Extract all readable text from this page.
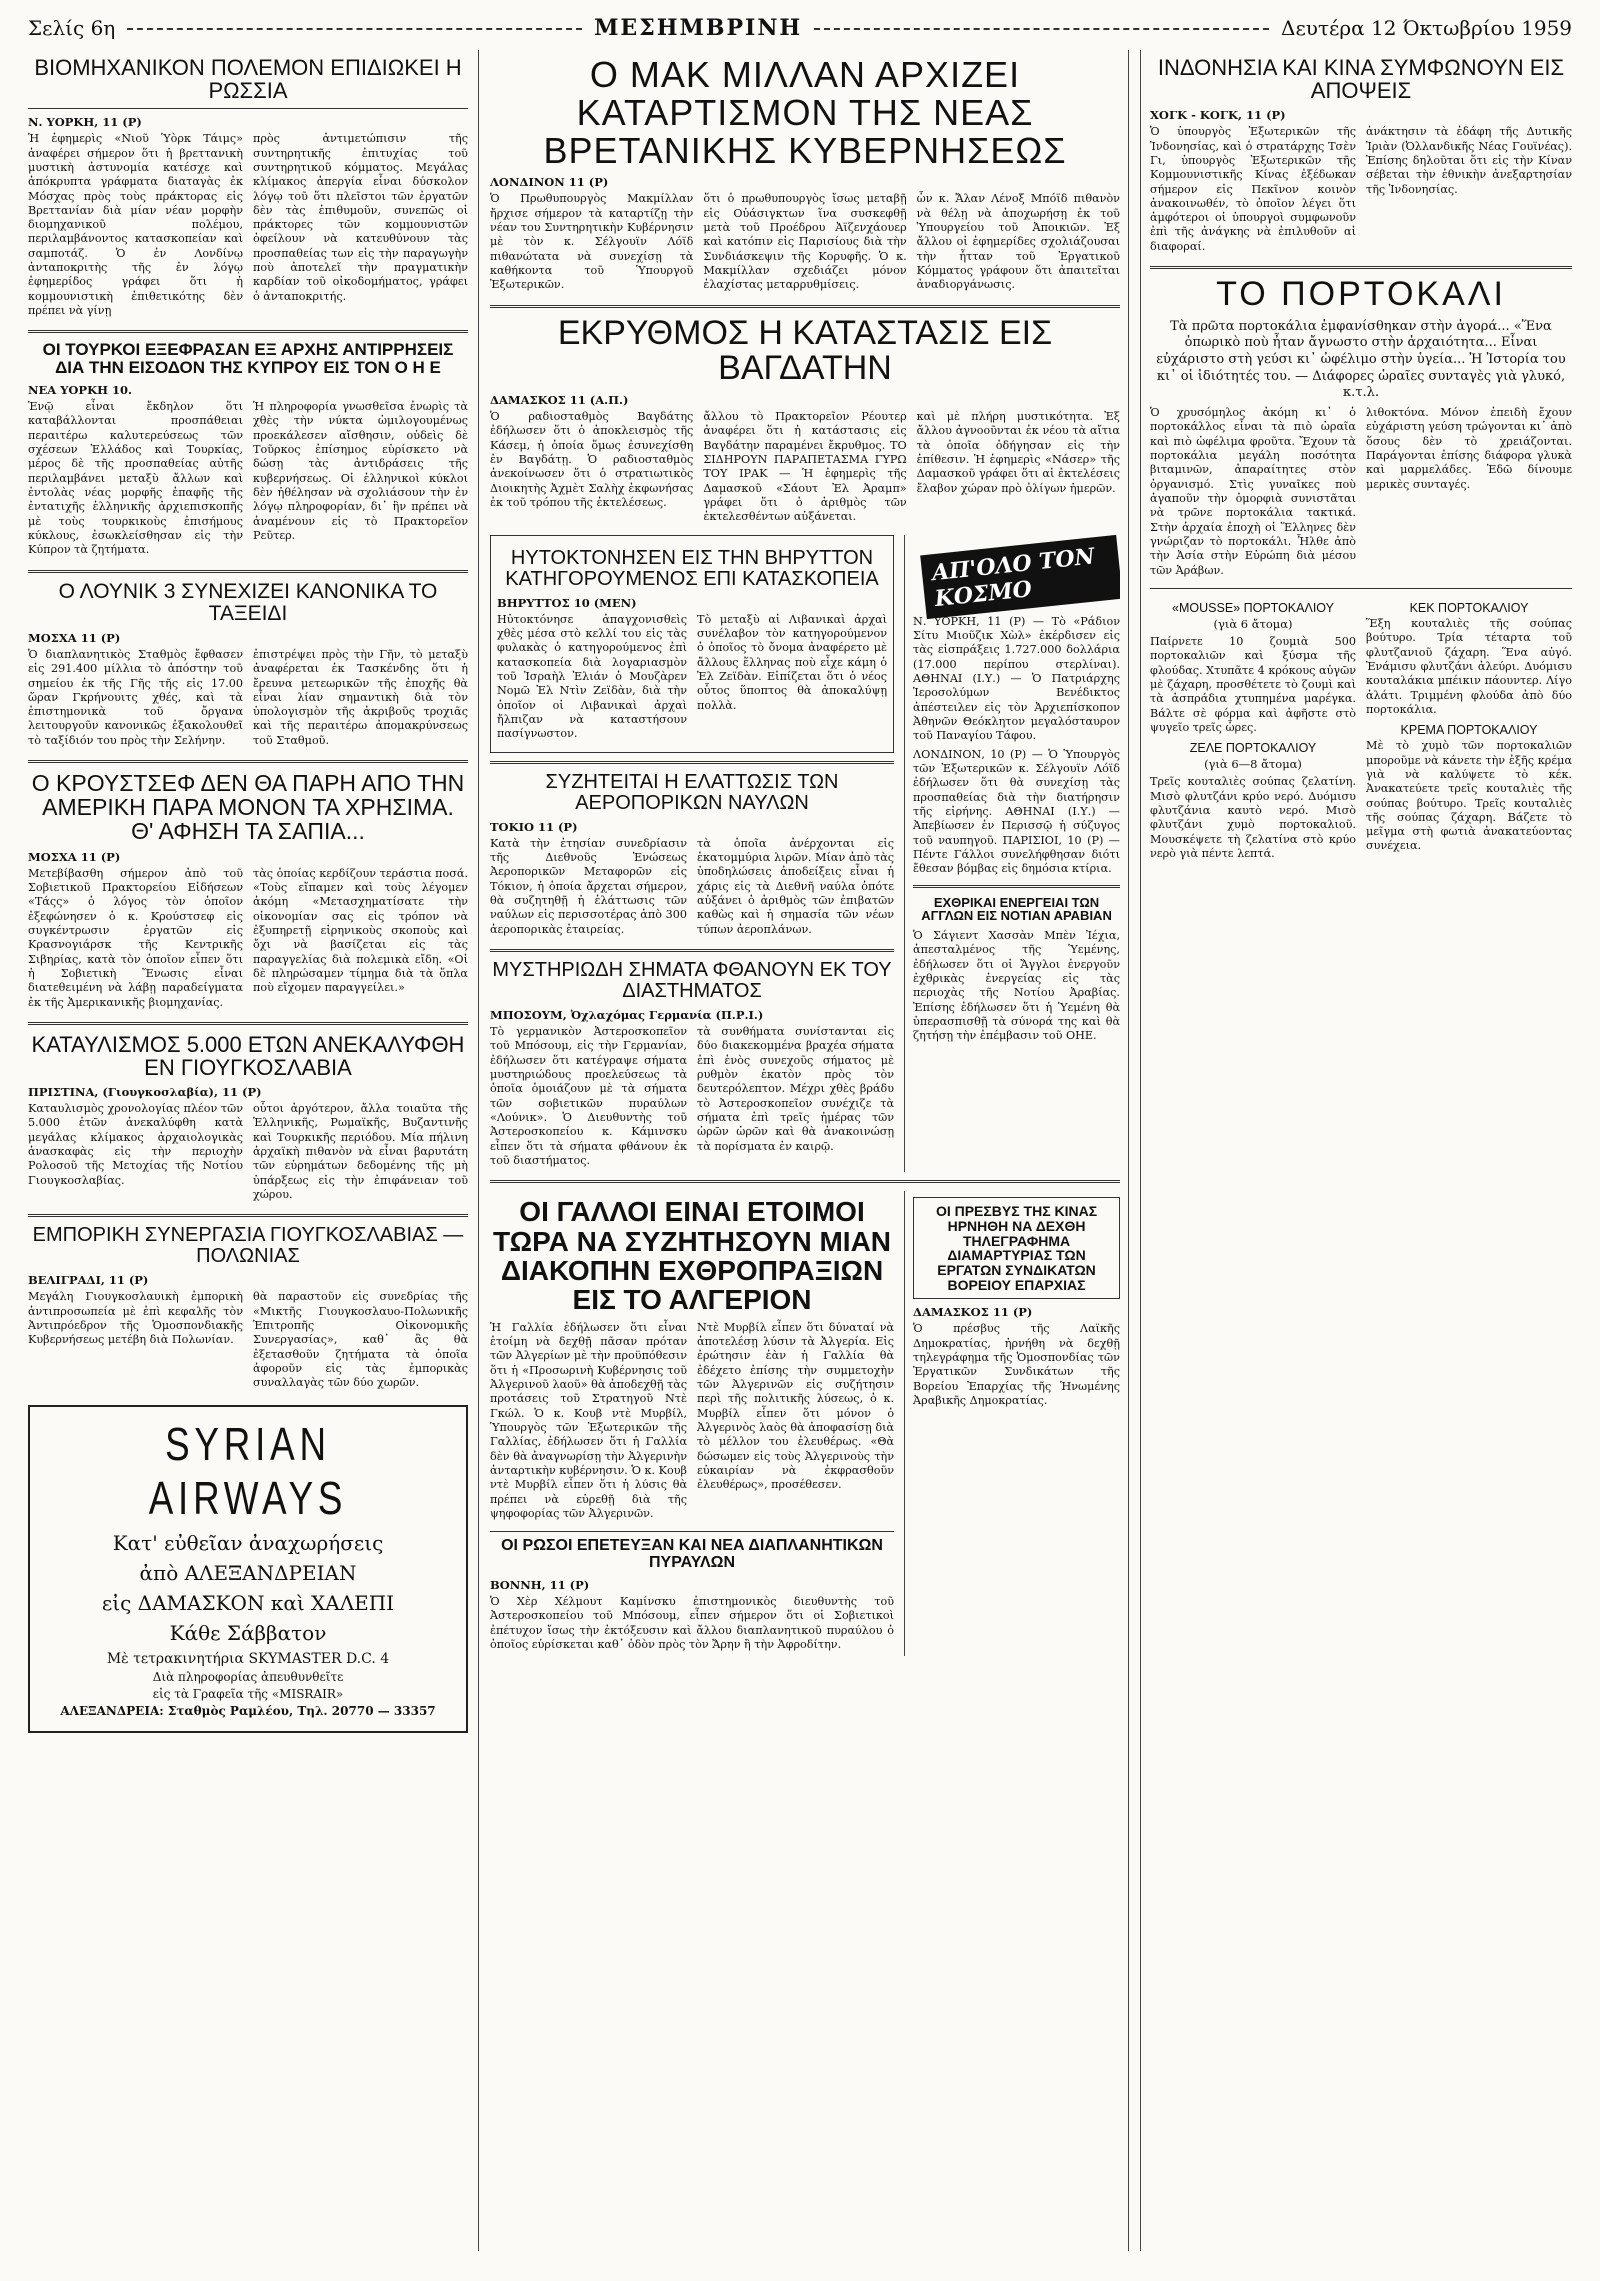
Σελίς 6η	ΜΕΣΗΜΒΡΙΝΗ	Δευτέρα 12 Όκτωβρίου 1959
ΒΙΟΜΗΧΑΝΙΚΟΝ ΠΟΛΕΜΟΝ ΕΠΙΔΙΩΚΕΙ Η ΡΩΣΣΙΑ
Ν. ΥΟΡΚΗ, 11 (Ρ)

Ἡ ἐφημερὶς «Νιοῦ Ὑὸρκ Τάιμς» ἀναφέρει σήμερον ὅτι ἡ βρεττανικὴ μυστικὴ ἀστυνομία κατέσχε καὶ ἀπόκρυπτα γράφματα διαταγὰς ἐκ Μόσχας πρὸς τοὺς πράκτορας εἰς Βρεττανίαν διὰ μίαν νέαν μορφὴν διομηχανικοῦ πολέμου, περιλαμβάνοντος κατασκοπείαν καὶ σαμποτάζ. Ὁ ἐν Λονδίνῳ ἀνταποκριτὴς τῆς ἐν λόγῳ ἐφημερίδος γράφει ὅτι ἡ κομμουνιστικὴ ἐπιθετικότης δὲν πρέπει νὰ γίνῃ

πρὸς ἀντιμετώπισιν τῆς συντηρητικῆς ἐπιτυχίας τοῦ συντηρητικοῦ κόμματος. Μεγάλας κλίμακος ἀπεργία εἶναι δύσκολον λόγῳ τοῦ ὅτι πλεῖστοι τῶν ἐργατῶν δὲν τὰς ἐπιθυμοῦν, συνεπῶς οἱ πράκτορες τῶν κομμουνιστῶν ὀφείλουν νὰ κατευθύνουν τὰς προσπαθείας των εἰς τὴν παραγωγὴν ποὺ ἀποτελεῖ τὴν πραγματικὴν καρδίαν τοῦ οἰκοδομήματος, γράφει ὁ ἀνταποκριτής.

ΟΙ ΤΟΥΡΚΟΙ ΕΞΕΦΡΑΣΑΝ ΕΞ ΑΡΧΗΣ ΑΝΤΙΡΡΗΣΕΙΣ ΔΙΑ ΤΗΝ ΕΙΣΟΔΟΝ ΤΗΣ ΚΥΠΡΟΥ ΕΙΣ ΤΟΝ Ο Η Ε
ΝΕΑ ΥΟΡΚΗ 10.

Ἐνῷ εἶναι ἔκδηλον ὅτι καταβάλλονται προσπάθειαι περαιτέρω καλυτερεύσεως τῶν σχέσεων Ἑλλάδος καὶ Τουρκίας, μέρος δὲ τῆς προσπαθείας αὐτῆς περιλαμβάνει μεταξὺ ἄλλων καὶ ἐντολὰς νέας μορφῆς ἐπαφῆς τῆς ἐντατιχῆς ἑλληνικῆς ἀρχιεπισκοπῆς μὲ τοὺς τουρκικοὺς ἐπισήμους κύκλους, ἐσωκλείσθησαν εἰς τὴν Κύπρον τὰ ζητήματα.

Ἡ πληροφορία γνωσθεῖσα ἐνωρὶς τὰ χθὲς τὴν νύκτα ὡμιλογουμένως προεκάλεσεν αἴσθησιν, οὐδεὶς δὲ Τοῦρκος ἐπίσημος εὑρίσκετο νὰ δώσῃ τὰς ἀντιδράσεις τῆς κυβερνήσεως. Οἱ ἑλληνικοὶ κύκλοι δὲν ἠθέλησαν νὰ σχολιάσουν τὴν ἐν λόγῳ πληροφορίαν, δι᾽ ἣν πρέπει νὰ ἀναμένουν εἰς τὸ Πρακτορεῖον Ρεῦτερ.

Ο ΛΟΥΝΙΚ 3 ΣΥΝΕΧΙΖΕΙ ΚΑΝΟΝΙΚΑ ΤΟ ΤΑΞΕΙΔΙ
ΜΟΣΧΑ 11 (Ρ)

Ὁ διαπλανητικὸς Σταθμὸς ἔφθασεν εἰς 291.400 μίλλια τὸ ἀπόστην τοῦ σημείου ἐκ τῆς Γῆς τῆς εἰς 17.00 ὥραν Γκρήνουιτς χθές, καὶ τὰ ἐπιστημονικὰ τοῦ ὄργανα λειτουργοῦν κανονικῶς ἐξακολουθεῖ τὸ ταξίδιόν του πρὸς τὴν Σελήνην.

ἐπιστρέψει πρὸς τὴν Γῆν, τὸ μεταξὺ ἀναφέρεται ἐκ Τασκένδης ὅτι ἡ ἔρευνα μετεωρικῶν τῆς ἐποχῆς θὰ εἶναι λίαν σημαντικὴ διὰ τὸν ὑπολογισμὸν τῆς ἀκριβοῦς τροχιᾶς καὶ τῆς περαιτέρω ἀπομακρύνσεως τοῦ Σταθμοῦ.

Ο ΚΡΟΥΣΤΣΕΦ ΔΕΝ ΘΑ ΠΑΡΗ ΑΠΟ ΤΗΝ ΑΜΕΡΙΚΗ ΠΑΡΑ ΜΟΝΟΝ ΤΑ ΧΡΗΣΙΜΑ. Θ' ΑΦΗΣΗ ΤΑ ΣΑΠΙΑ...
ΜΟΣΧΑ 11 (Ρ)

Μετεβίβασθη σήμερον ἀπὸ τοῦ Σοβιετικοῦ Πρακτορείου Εἰδήσεων «Τάςς» ὁ λόγος τὸν ὁποῖον ἐξεφώνησεν ὁ κ. Κρούστσεφ εἰς συγκέντρωσιν ἐργατῶν εἰς Κρασνογιάρσκ τῆς Κεντρικῆς Σιβηρίας, κατὰ τὸν ὁποῖον εἶπεν ὅτι ἡ Σοβιετικὴ Ἕνωσις εἶναι διατεθειμένη νὰ λάβῃ παραδείγματα ἐκ τῆς Ἀμερικανικῆς βιομηχανίας.

τὰς ὁποίας κερδίζουν τεράστια ποσά. «Τοὺς εἴπαμεν καὶ τοὺς λέγομεν ἀκόμη «Μετασχηματίσατε τὴν οἰκονομίαν σας εἰς τρόπον νὰ ἐξυπηρετῇ εἰρηνικοὺς σκοποὺς καὶ ὄχι νὰ βασίζεται εἰς τὰς παραγγελίας διὰ πολεμικὰ εἴδη. «Οἱ δὲ πληρώσαμεν τίμημα διὰ τὰ ὅπλα ποὺ εἴχομεν παραγγείλει.»

ΚΑΤΑΥΛΙΣΜΟΣ 5.000 ΕΤΩΝ ΑΝΕΚΑΛΥΦΘΗ ΕΝ ΓΙΟΥΓΚΟΣΛΑΒΙΑ
ΠΡΙΣΤΙΝΑ, (Γιουγκοσλαβία), 11 (Ρ)

Καταυλισμὸς χρονολογίας πλέον τῶν 5.000 ἐτῶν ἀνεκαλύφθη κατὰ μεγάλας κλίμακος ἀρχαιολογικὰς ἀνασκαφὰς εἰς τὴν περιοχὴν Ρολοσοῦ τῆς Μετοχίας τῆς Νοτίου Γιουγκοσλαβίας.

οὗτοι ἀργότερον, ἄλλα τοιαῦτα τῆς Ἑλληνικῆς, Ρωμαϊκῆς, Βυζαντινῆς καὶ Τουρκικῆς περιόδου. Μία πήλινη ἀρχαϊκὴ πιθανὸν νὰ εἶναι βαρυτάτη τῶν εὑρημάτων δεδομένης τῆς μὴ ὑπάρξεως εἰς τὴν ἐπιφάνειαν τοῦ χώρου.

ΕΜΠΟΡΙΚΗ ΣΥΝΕΡΓΑΣΙΑ ΓΙΟΥΓΚΟΣΛΑΒΙΑΣ — ΠΟΛΩΝΙΑΣ
ΒΕΛΙΓΡΑΔΙ, 11 (Ρ)

Μεγάλη Γιουγκοσλαυικὴ ἐμπορικὴ ἀντιπροσωπεία μὲ ἐπὶ κεφαλῆς τὸν Ἀντιπρόεδρον τῆς Ὁμοσπονδιακῆς Κυβερνήσεως μετέβη διὰ Πολωνίαν.

θὰ παραστοῦν εἰς συνεδρίας τῆς «Μικτῆς Γιουγκοσλαυο-Πολωνικῆς Ἐπιτροπῆς Οἰκονομικῆς Συνεργασίας», καθ᾽ ἃς θὰ ἐξετασθοῦν ζητήματα τὰ ὁποῖα ἀφοροῦν εἰς τὰς ἐμπορικὰς συναλλαγὰς τῶν δύο χωρῶν.

SYRIAN AIRWAYS
Κατ' εὐθεῖαν ἀναχωρήσεις
ἀπὸ ΑΛΕΞΑΝΔΡΕΙΑΝ
εἰς ΔΑΜΑΣΚΟΝ καὶ ΧΑΛΕΠΙ
Κάθε Σάββατον
Μὲ τετρακινητήρια SKYMASTER D.C. 4
Διὰ πληροφορίας ἀπευθυνθεῖτε
εἰς τὰ Γραφεῖα τῆς «MISRAIR»
ΑΛΕΞΑΝΔΡΕΙΑ: Σταθμὸς Ραμλέου, Τηλ. 20770 — 33357
Ο ΜΑΚ ΜΙΛΛΑΝ ΑΡΧΙΖΕΙ ΚΑΤΑΡΤΙΣΜΟΝ ΤΗΣ ΝΕΑΣ ΒΡΕΤΑΝΙΚΗΣ ΚΥΒΕΡΝΗΣΕΩΣ
ΛΟΝΔΙΝΟΝ 11 (Ρ)

Ὁ Πρωθυπουργὸς Μακμίλλαν ἤρχισε σήμερον τὰ καταρτίζῃ τὴν νέαν του Συντηρητικὴν Κυβέρνησιν μὲ τὸν κ. Σέλγουϊν Λόϊδ πιθανώτατα νὰ συνεχίσῃ τὰ καθήκοντα τοῦ Ὑπουργοῦ Ἐξωτερικῶν.

ὅτι ὁ πρωθυπουργὸς ἴσως μεταβῇ εἰς Οὐάσιγκτων ἵνα συσκεφθῇ μετὰ τοῦ Προέδρου Ἀϊζενχάουερ καὶ κατόπιν εἰς Παρισίους διὰ τὴν Συνδιάσκεψιν τῆς Κορυφῆς. Ὁ κ. Μακμίλλαν σχεδιάζει μόνον ἐλαχίστας μεταρρυθμίσεις.

ὧν κ. Ἄλαν Λένοξ Μπόϊδ πιθανὸν νὰ θέλῃ νὰ ἀποχωρήσῃ ἐκ τοῦ Ὑπουργείου τοῦ Ἀποικιῶν. Ἐξ ἄλλου οἱ ἐφημερίδες σχολιάζουσαι τὴν ἧτταν τοῦ Ἐργατικοῦ Κόμματος γράφουν ὅτι ἀπαιτεῖται ἀναδιοργάνωσις.

ΕΚΡΥΘΜΟΣ Η ΚΑΤΑΣΤΑΣΙΣ ΕΙΣ ΒΑΓΔΑΤΗΝ
ΔΑΜΑΣΚΟΣ 11 (Α.Π.)

Ὁ ραδιοσταθμὸς Βαγδάτης ἐδήλωσεν ὅτι ὁ ἀποκλεισμὸς τῆς Κάσεμ, ἡ ὁποία ὅμως ἐσυνεχίσθη ἐν Βαγδάτῃ. Ὁ ραδιοσταθμὸς ἀνεκοίνωσεν ὅτι ὁ στρατιωτικὸς Διοικητὴς Ἀχμὲτ Σαλὴχ ἐκφωνήσας ἐκ τοῦ τρόπου τῆς ἐκτελέσεως.

ἄλλου τὸ Πρακτορεῖον Ρέουτερ ἀναφέρει ὅτι ἡ κατάστασις εἰς Βαγδάτην παραμένει ἔκρυθμος. ΤΟ ΣΙΔΗΡΟΥΝ ΠΑΡΑΠΕΤΑΣΜΑ ΓΥΡΩ ΤΟΥ ΙΡΑΚ — Ἡ ἐφημερὶς τῆς Δαμασκοῦ «Σάουτ Ἐλ Ἀραμπ» γράφει ὅτι ὁ ἀριθμὸς τῶν ἐκτελεσθέντων αὐξάνεται.

καὶ μὲ πλήρη μυστικότητα. Ἐξ ἄλλου ἀγνοοῦνται ἐκ νέου τὰ αἴτια τὰ ὁποῖα ὁδήγησαν εἰς τὴν ἐπίθεσιν. Ἡ ἐφημερὶς «Νάσερ» τῆς Δαμασκοῦ γράφει ὅτι αἱ ἐκτελέσεις ἔλαβον χώραν πρὸ ὀλίγων ἡμερῶν.

ΗΥΤΟΚΤΟΝΗΣΕΝ ΕΙΣ ΤΗΝ ΒΗΡΥΤΤΟΝ ΚΑΤΗΓΟΡΟΥΜΕΝΟΣ ΕΠΙ ΚΑΤΑΣΚΟΠΕΙΑ
ΒΗΡΥΤΤΟΣ 10 (ΜΕΝ)

Ηὐτοκτόνησε ἀπαγχονισθεὶς χθὲς μέσα στὸ κελλί του εἰς τὰς φυλακὰς ὁ κατηγορούμενος ἐπὶ κατασκοπεία διὰ λογαριασμὸν τοῦ Ἰσραὴλ Ἐλιάν ὁ Μουζὰρεν Νομῶ Ἐλ Ντὶν Ζεϊδὰν, διὰ τὴν ὁποῖον οἱ Λιβανικαὶ ἀρχαὶ ἤλπιζαν νὰ καταστήσουν πασίγνωστον.

Τὸ μεταξὺ αἱ Λιβανικαὶ ἀρχαὶ συνέλαβον τὸν κατηγορούμενον ὁ ὁποῖος τὸ ὄνομα ἀναφέρετο μὲ ἄλλους ἕλληνας ποὺ εἶχε κάμη ὁ Ἐλ Ζεϊδὰν. Εἰπίζεται ὅτι ὁ νέος οὗτος ὕποπτος θὰ ἀποκαλύψῃ πολλὰ.

ΣΥΖΗΤΕΙΤΑΙ Η ΕΛΑΤΤΩΣΙΣ ΤΩΝ ΑΕΡΟΠΟΡΙΚΩΝ ΝΑΥΛΩΝ
ΤΟΚΙΟ 11 (Ρ)

Κατὰ τὴν ἐτησίαν συνεδρίασιν τῆς Διεθνοῦς Ἑνώσεως Ἀεροπορικῶν Μεταφορῶν εἰς Τόκιον, ἡ ὁποία ἄρχεται σήμερον, θὰ συζητηθῇ ἡ ἐλάττωσις τῶν ναύλων εἰς περισσοτέρας ἀπὸ 300 ἀεροπορικὰς ἑταιρείας.

τὰ ὁποῖα ἀνέρχονται εἰς ἑκατομμύρια λιρῶν. Μίαν ἀπὸ τὰς ὑποδηλώσεις ἀποδείξεις εἶναι ἡ χάρις εἰς τὰ Διεθνῆ ναύλα ὁπότε αὐξάνει ὁ ἀριθμὸς τῶν ἐπιβατῶν καθὼς καὶ ἡ σημασία τῶν νέων τύπων ἀεροπλάνων.

ΜΥΣΤΗΡΙΩΔΗ ΣΗΜΑΤΑ ΦΘΑΝΟΥΝ ΕΚ ΤΟΥ ΔΙΑΣΤΗΜΑΤΟΣ
ΜΠΟΣΟΥΜ, Ὀχλαχόμας Γερμανία (Π.Ρ.Ι.)

Τὸ γερμανικὸν Ἀστεροσκοπεῖον τοῦ Μπόσουμ, εἰς τὴν Γερμανίαν, ἐδήλωσεν ὅτι κατέγραψε σήματα μυστηριώδους προελεύσεως τὰ ὁποῖα ὁμοιάζουν μὲ τὰ σήματα τῶν σοβιετικῶν πυραύλων «Λούνικ». Ὁ Διευθυντὴς τοῦ Ἀστεροσκοπείου κ. Κάμινσκυ εἶπεν ὅτι τὰ σήματα φθάνουν ἐκ τοῦ διαστήματος.

τὰ συνθήματα συνίστανται εἰς δύο διακεκομμένα βραχέα σήματα ἐπὶ ἑνὸς συνεχοῦς σήματος μὲ ρυθμὸν ἑκατὸν πρὸς τὸν δευτερόλεπτον. Μέχρι χθὲς βράδυ τὸ Ἀστεροσκοπεῖον συνέχιζε τὰ σήματα ἐπὶ τρεῖς ἡμέρας τῶν ὡρῶν ὡρῶν καὶ θὰ ἀνακοινώσῃ τὰ πορίσματα ἐν καιρῷ.

ΑΠ'ΟΛΟ ΤΟΝ ΚΟΣΜΟ

Ν. ΥΟΡΚΗ, 11 (Ρ) — Τὸ «Ράδιον Σίτυ Μιοῦζικ Χὼλ» ἐκέρδισεν εἰς τὰς εἰσπράξεις 1.727.000 δολλάρια (17.000 περίπου στερλίναι). ΑΘΗΝΑΙ (Ι.Υ.) — Ὁ Πατριάρχης Ἱεροσολύμων Βενέδικτος ἀπέστειλεν εἰς τὸν Ἀρχιεπίσκοπον Ἀθηνῶν Θεόκλητον μεγαλόσταυρον τοῦ Παναγίου Τάφου.

ΛΟΝΔΙΝΟΝ, 10 (Ρ) — Ὁ Ὑπουργὸς τῶν Ἐξωτερικῶν κ. Σέλγουϊν Λόϊδ ἐδήλωσεν ὅτι θὰ συνεχίσῃ τὰς προσπαθείας διὰ τὴν διατήρησιν τῆς εἰρήνης. ΑΘΗΝΑΙ (Ι.Υ.) — Ἀπεβίωσεν ἐν Περισσῷ ἡ σύζυγος τοῦ ναυπηγοῦ. ΠΑΡΙΣΙΟΙ, 10 (Ρ) — Πέντε Γάλλοι συνελήφθησαν διότι ἔθεσαν βόμβας εἰς δημόσια κτίρια.

ΕΧΘΡΙΚΑΙ ΕΝΕΡΓΕΙΑΙ ΤΩΝ ΑΓΓΛΩΝ ΕΙΣ ΝΟΤΙΑΝ ΑΡΑΒΙΑΝ

Ὁ Σάγιεντ Χασσὰν Μπὲν Ἰέχια, ἀπεσταλμένος τῆς Ὑεμένης, ἐδήλωσεν ὅτι οἱ Ἄγγλοι ἐνεργοῦν ἐχθρικὰς ἐνεργείας εἰς τὰς περιοχὰς τῆς Νοτίου Ἀραβίας. Ἐπίσης ἐδήλωσεν ὅτι ἡ Ὑεμένη θὰ ὑπερασπισθῇ τὰ σύνορά της καὶ θὰ ζητήσῃ τὴν ἐπέμβασιν τοῦ ΟΗΕ.

ΟΙ ΓΑΛΛΟΙ ΕΙΝΑΙ ΕΤΟΙΜΟΙ ΤΩΡΑ ΝΑ ΣΥΖΗΤΗΣΟΥΝ ΜΙΑΝ ΔΙΑΚΟΠΗΝ ΕΧΘΡΟΠΡΑΞΙΩΝ ΕΙΣ ΤΟ ΑΛΓΕΡΙΟΝ

Ἡ Γαλλία ἐδήλωσεν ὅτι εἶναι ἑτοίμη νὰ δεχθῇ πᾶσαν πρόταν τῶν Ἀλγερίων μὲ τὴν προϋπόθεσιν ὅτι ἡ «Προσωρινὴ Κυβέρνησις τοῦ Ἀλγερινοῦ λαοῦ» θὰ ἀποδεχθῇ τὰς προτάσεις τοῦ Στρατηγοῦ Ντὲ Γκώλ. Ὁ κ. Κουβ ντὲ Μυρβίλ, Ὑπουργὸς τῶν Ἐξωτερικῶν τῆς Γαλλίας, ἐδήλωσεν ὅτι ἡ Γαλλία δὲν θὰ ἀναγνωρίσῃ τὴν Ἀλγερινὴν ἀνταρτικὴν κυβέρνησιν. Ὁ κ. Κουβ ντὲ Μυρβίλ εἶπεν ὅτι ἡ λύσις θὰ πρέπει νὰ εὑρεθῇ διὰ τῆς ψηφοφορίας τῶν Ἀλγερινῶν.

Ντὲ Μυρβίλ εἶπεν ὅτι δύναταί νὰ ἀποτελέσῃ λύσιν τὰ Ἀλγερία. Εἰς ἐρώτησιν ἐὰν ἡ Γαλλία θὰ ἐδέχετο ἐπίσης τὴν συμμετοχὴν τῶν Ἀλγερινῶν εἰς συζήτησιν περὶ τῆς πολιτικῆς λύσεως, ὁ κ. Μυρβίλ εἶπεν ὅτι μόνον ὁ Ἀλγερινὸς λαὸς θὰ ἀποφασίσῃ διὰ τὸ μέλλον του ἐλευθέρως. «Θὰ δώσωμεν εἰς τοὺς Ἀλγερινοὺς τὴν εὐκαιρίαν νὰ ἐκφρασθοῦν ἐλευθέρως», προσέθεσεν.

ΟΙ ΡΩΣΟΙ ΕΠΕΤΕΥΞΑΝ ΚΑΙ ΝΕΑ ΔΙΑΠΛΑΝΗΤΙΚΩΝ ΠΥΡΑΥΛΩΝ
ΒΟΝΝΗ, 11 (Ρ)

Ὁ Χὲρ Χέλμουτ Καμίνσκυ ἐπιστημονικὸς διευθυντὴς τοῦ Ἀστεροσκοπείου τοῦ Μπόσουμ, εἶπεν σήμερον ὅτι οἱ Σοβιετικοὶ ἐπέτυχον ἴσως τὴν ἐκτόξευσιν καὶ ἄλλου διαπλανητικοῦ πυραύλου ὁ ὁποῖος εὑρίσκεται καθ᾽ ὁδὸν πρὸς τὸν Ἄρην ἢ τὴν Ἀφροδίτην.

ΟΙ ΠΡΕΣΒΥΣ ΤΗΣ ΚΙΝΑΣ ΗΡΝΗΘΗ ΝΑ ΔΕΧΘΗ ΤΗΛΕΓΡΑΦΗΜΑ ΔΙΑΜΑΡΤΥΡΙΑΣ ΤΩΝ ΕΡΓΑΤΩΝ ΣΥΝΔΙΚΑΤΩΝ ΒΟΡΕΙΟΥ ΕΠΑΡΧΙΑΣ
ΔΑΜΑΣΚΟΣ 11 (Ρ)

Ὁ πρέσβυς τῆς Λαϊκῆς Δημοκρατίας, ἠρνήθη νὰ δεχθῇ τηλεγράφημα τῆς Ὁμοσπονδίας τῶν Ἐργατικῶν Συνδικάτων τῆς Βορείου Ἐπαρχίας τῆς Ἡνωμένης Ἀραβικῆς Δημοκρατίας.

ΙΝΔΟΝΗΣΙΑ ΚΑΙ ΚΙΝΑ ΣΥΜΦΩΝΟΥΝ ΕΙΣ ΑΠΟΨΕΙΣ
ΧΟΓΚ - ΚΟΓΚ, 11 (Ρ)

Ὁ ὑπουργὸς Ἐξωτερικῶν τῆς Ἰνδονησίας, καὶ ὁ στρατάρχης Τσὲν Γι, ὑπουργὸς Ἐξωτερικῶν τῆς Κομμουνιστικῆς Κίνας ἐξέδωκαν σήμερον εἰς Πεκῖνον κοινὸν ἀνακοινωθέν, τὸ ὁποῖον λέγει ὅτι ἀμφότεροι οἱ ὑπουργοὶ συμφωνοῦν ἐπὶ τῆς ἀνάγκης νὰ ἐπιλυθοῦν αἱ διαφοραί.

ἀνάκτησιν τὰ ἐδάφη τῆς Δυτικῆς Ἰριὰν (Ὀλλανδικῆς Νέας Γουϊνέας). Ἐπίσης δηλοῦται ὅτι εἰς τὴν Κίναν σέβεται τὴν ἐθνικὴν ἀνεξαρτησίαν τῆς Ἰνδονησίας.

ΤΟ ΠΟΡΤΟΚΑΛΙ

Τὰ πρῶτα πορτοκάλια ἐμφανίσθηκαν στὴν ἀγορά... «Ἕνα ὀπωρικὸ ποὺ ἦταν ἄγνωστο στὴν ἀρχαιότητα... Εἶναι εὐχάριστο στὴ γεύσι κι᾽ ὠφέλιμο στὴν ὑγεία... Ἡ Ἱστορία του κι᾽ οἱ ἰδιότητές του. — Διάφορες ὡραῖες συνταγὲς γιὰ γλυκό, κ.τ.λ.

Ὁ χρυσόμηλος ἀκόμη κι᾽ ὁ πορτοκάλλος εἶναι τὰ πιὸ ὡραῖα καὶ πιὸ ὠφέλιμα φροῦτα. Ἔχουν τὰ πορτοκάλια μεγάλη ποσότητα βιταμινῶν, ἀπαραίτητες στὸν ὀργανισμό. Στὶς γυναῖκες ποὺ ἀγαποῦν τὴν ὀμορφιὰ συνιστᾶται νὰ τρῶνε πορτοκάλια τακτικά. Στὴν ἀρχαία ἐποχὴ οἱ Ἕλληνες δὲν γνώριζαν τὸ πορτοκάλι. Ἦλθε ἀπὸ τὴν Ἀσία στὴν Εὐρώπη διὰ μέσου τῶν Ἀράβων.

λιθοκτόνα. Μόνον ἐπειδὴ ἔχουν εὐχάριστη γεύση τρώγονται κι᾽ ἀπὸ ὅσους δὲν τὸ χρειάζονται. Παράγονται ἐπίσης διάφορα γλυκὰ καὶ μαρμελάδες. Ἐδῶ δίνουμε μερικὲς συνταγές.

«MOUSSE» ΠΟΡΤΟΚΑΛΙΟΥ
(γιὰ 6 ἄτομα)

Παίρνετε 10 ζουμιὰ 500 πορτοκαλιῶν καὶ ξύσμα τῆς φλούδας. Χτυπᾶτε 4 κρόκους αὐγῶν μὲ ζάχαρη, προσθέτετε τὸ ζουμὶ καὶ τὰ ἀσπράδια χτυπημένα μαρέγκα. Βάλτε σὲ φόρμα καὶ ἀφῆστε στὸ ψυγεῖο τρεῖς ὧρες.

ΖΕΛΕ ΠΟΡΤΟΚΑΛΙΟΥ
(γιὰ 6—8 ἄτομα)

Τρεῖς κουταλιὲς σούπας ζελατίνη. Μισὸ φλυτζάνι κρύο νερό. Δυόμισυ φλυτζάνια καυτὸ νερό. Μισὸ φλυτζάνι χυμὸ πορτοκαλιοῦ. Μουσκέψετε τὴ ζελατίνα στὸ κρύο νερὸ γιὰ πέντε λεπτά.

ΚΕΚ ΠΟΡΤΟΚΑΛΙΟΥ

Ἕξη κουταλιὲς τῆς σούπας βούτυρο. Τρία τέταρτα τοῦ φλυτζανιοῦ ζάχαρη. Ἕνα αὐγό. Ἐνάμισυ φλυτζάνι ἀλεύρι. Δυόμισυ κουταλάκια μπέικιν πάουντερ. Λίγο ἁλάτι. Τριμμένη φλούδα ἀπὸ δύο πορτοκάλια.

ΚΡΕΜΑ ΠΟΡΤΟΚΑΛΙΟΥ

Μὲ τὸ χυμὸ τῶν πορτοκαλιῶν μποροῦμε νὰ κάνετε τὴν ἑξῆς κρέμα γιὰ νὰ καλύψετε τὸ κέκ. Ἀνακατεύετε τρεῖς κουταλιὲς τῆς σούπας βούτυρο. Τρεῖς κουταλιὲς τῆς σούπας ζάχαρη. Βάζετε τὸ μεῖγμα στὴ φωτιὰ ἀνακατεύοντας συνέχεια.
